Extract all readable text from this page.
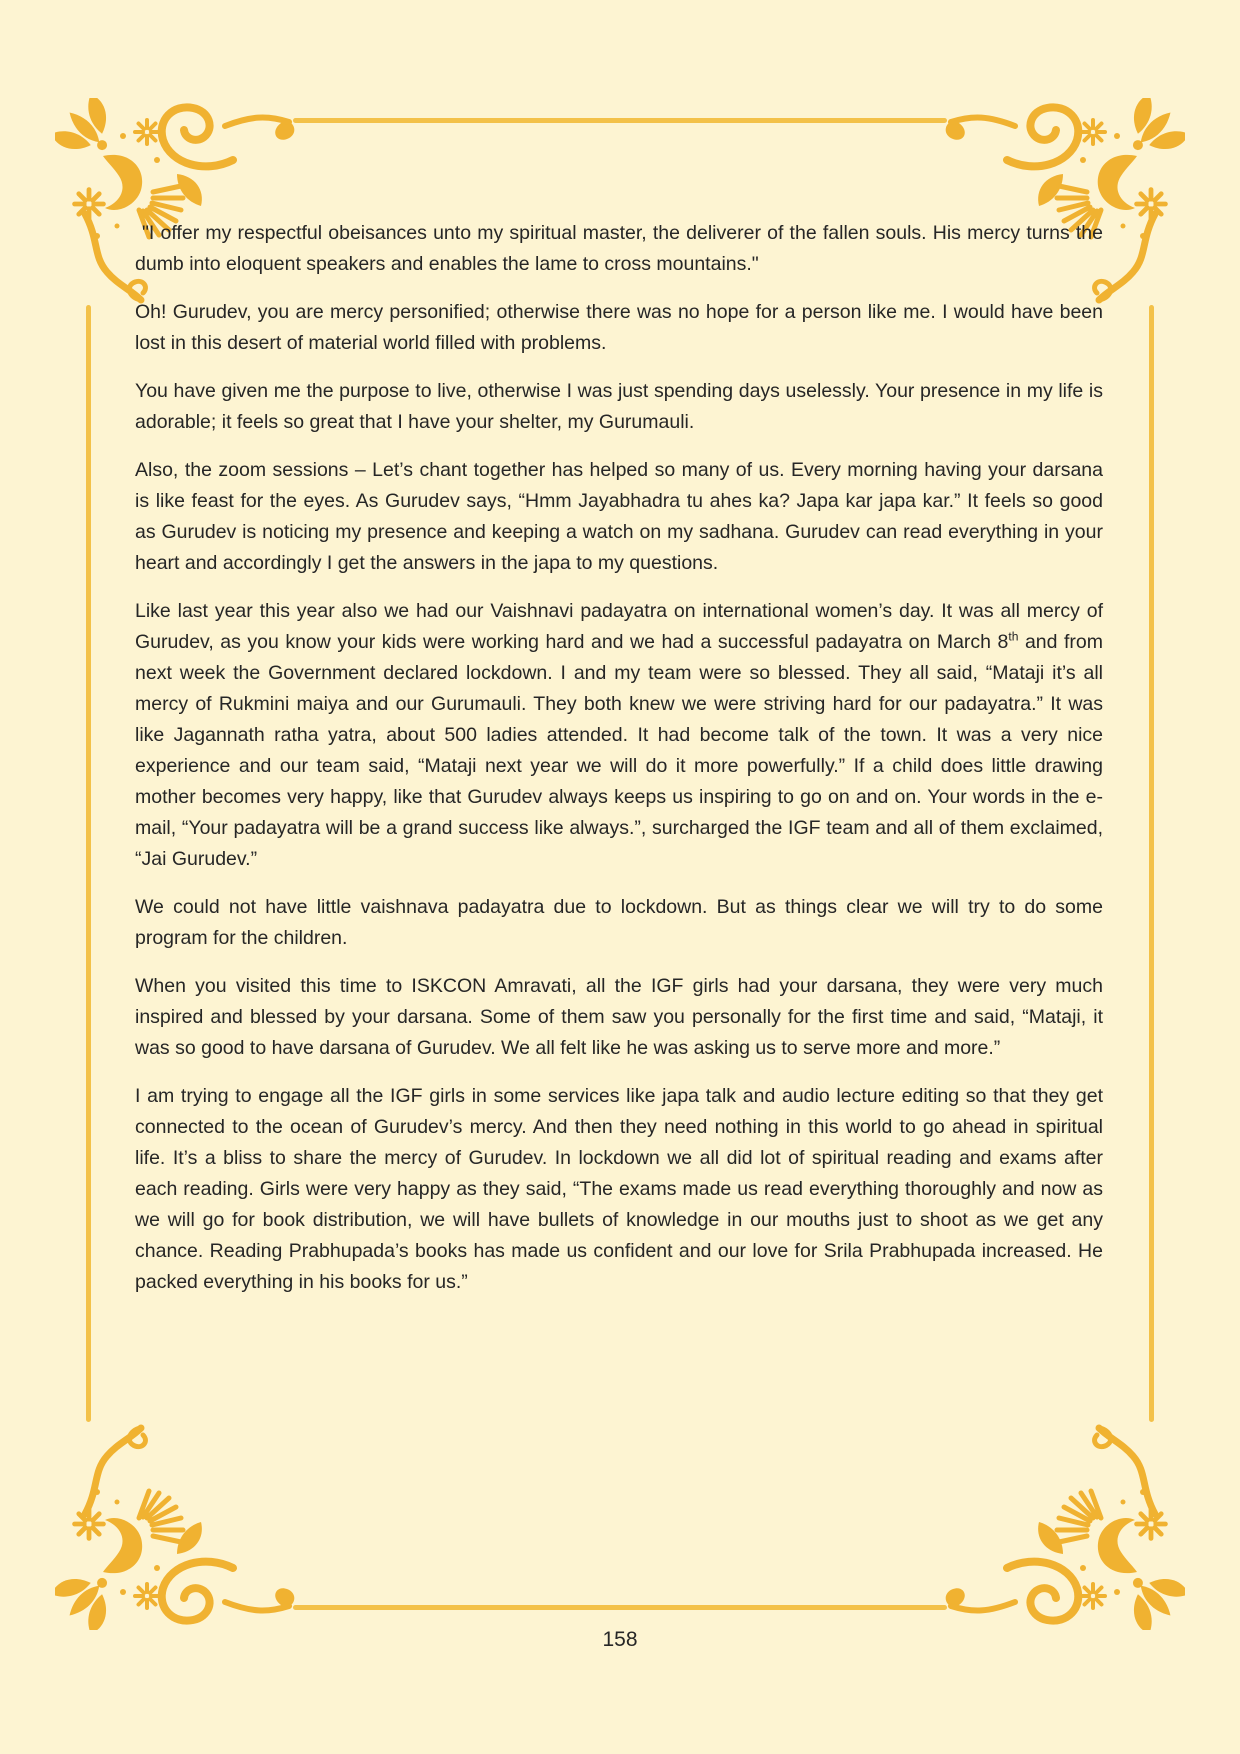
"I offer my respectful obeisances unto my spiritual master, the deliverer of the fallen souls. His mercy turns the dumb into eloquent speakers and enables the lame to cross mountains."

Oh! Gurudev, you are mercy personified; otherwise there was no hope for a person like me. I would have been lost in this desert of material world filled with problems.

You have given me the purpose to live, otherwise I was just spending days uselessly. Your presence in my life is adorable; it feels so great that I have your shelter, my Gurumauli.

Also, the zoom sessions – Let’s chant together has helped so many of us. Every morning having your darsana is like feast for the eyes. As Gurudev says, “Hmm Jayabhadra tu ahes ka? Japa kar japa kar.” It feels so good as Gurudev is noticing my presence and keeping a watch on my sadhana. Gurudev can read everything in your heart and accordingly I get the answers in the japa to my questions.

Like last year this year also we had our Vaishnavi padayatra on international women’s day. It was all mercy of Gurudev, as you know your kids were working hard and we had a successful padayatra on March 8th and from next week the Government declared lockdown. I and my team were so blessed. They all said, “Mataji it’s all mercy of Rukmini maiya and our Gurumauli. They both knew we were striving hard for our padayatra.” It was like Jagannath ratha yatra, about 500 ladies attended. It had become talk of the town. It was a very nice experience and our team said, “Mataji next year we will do it more powerfully.” If a child does little drawing mother becomes very happy, like that Gurudev always keeps us inspiring to go on and on. Your words in the e-mail, “Your padayatra will be a grand success like always.”, surcharged the IGF team and all of them exclaimed, “Jai Gurudev.”

We could not have little vaishnava padayatra due to lockdown. But as things clear we will try to do some program for the children.

When you visited this time to ISKCON Amravati, all the IGF girls had your darsana, they were very much inspired and blessed by your darsana. Some of them saw you personally for the first time and said, “Mataji, it was so good to have darsana of Gurudev. We all felt like he was asking us to serve more and more.”

I am trying to engage all the IGF girls in some services like japa talk and audio lecture editing so that they get connected to the ocean of Gurudev’s mercy. And then they need nothing in this world to go ahead in spiritual life. It’s a bliss to share the mercy of Gurudev. In lockdown we all did lot of spiritual reading and exams after each reading. Girls were very happy as they said, “The exams made us read everything thoroughly and now as we will go for book distribution, we will have bullets of knowledge in our mouths just to shoot as we get any chance. Reading Prabhupada’s books has made us confident and our love for Srila Prabhupada increased. He packed everything in his books for us.”

158
